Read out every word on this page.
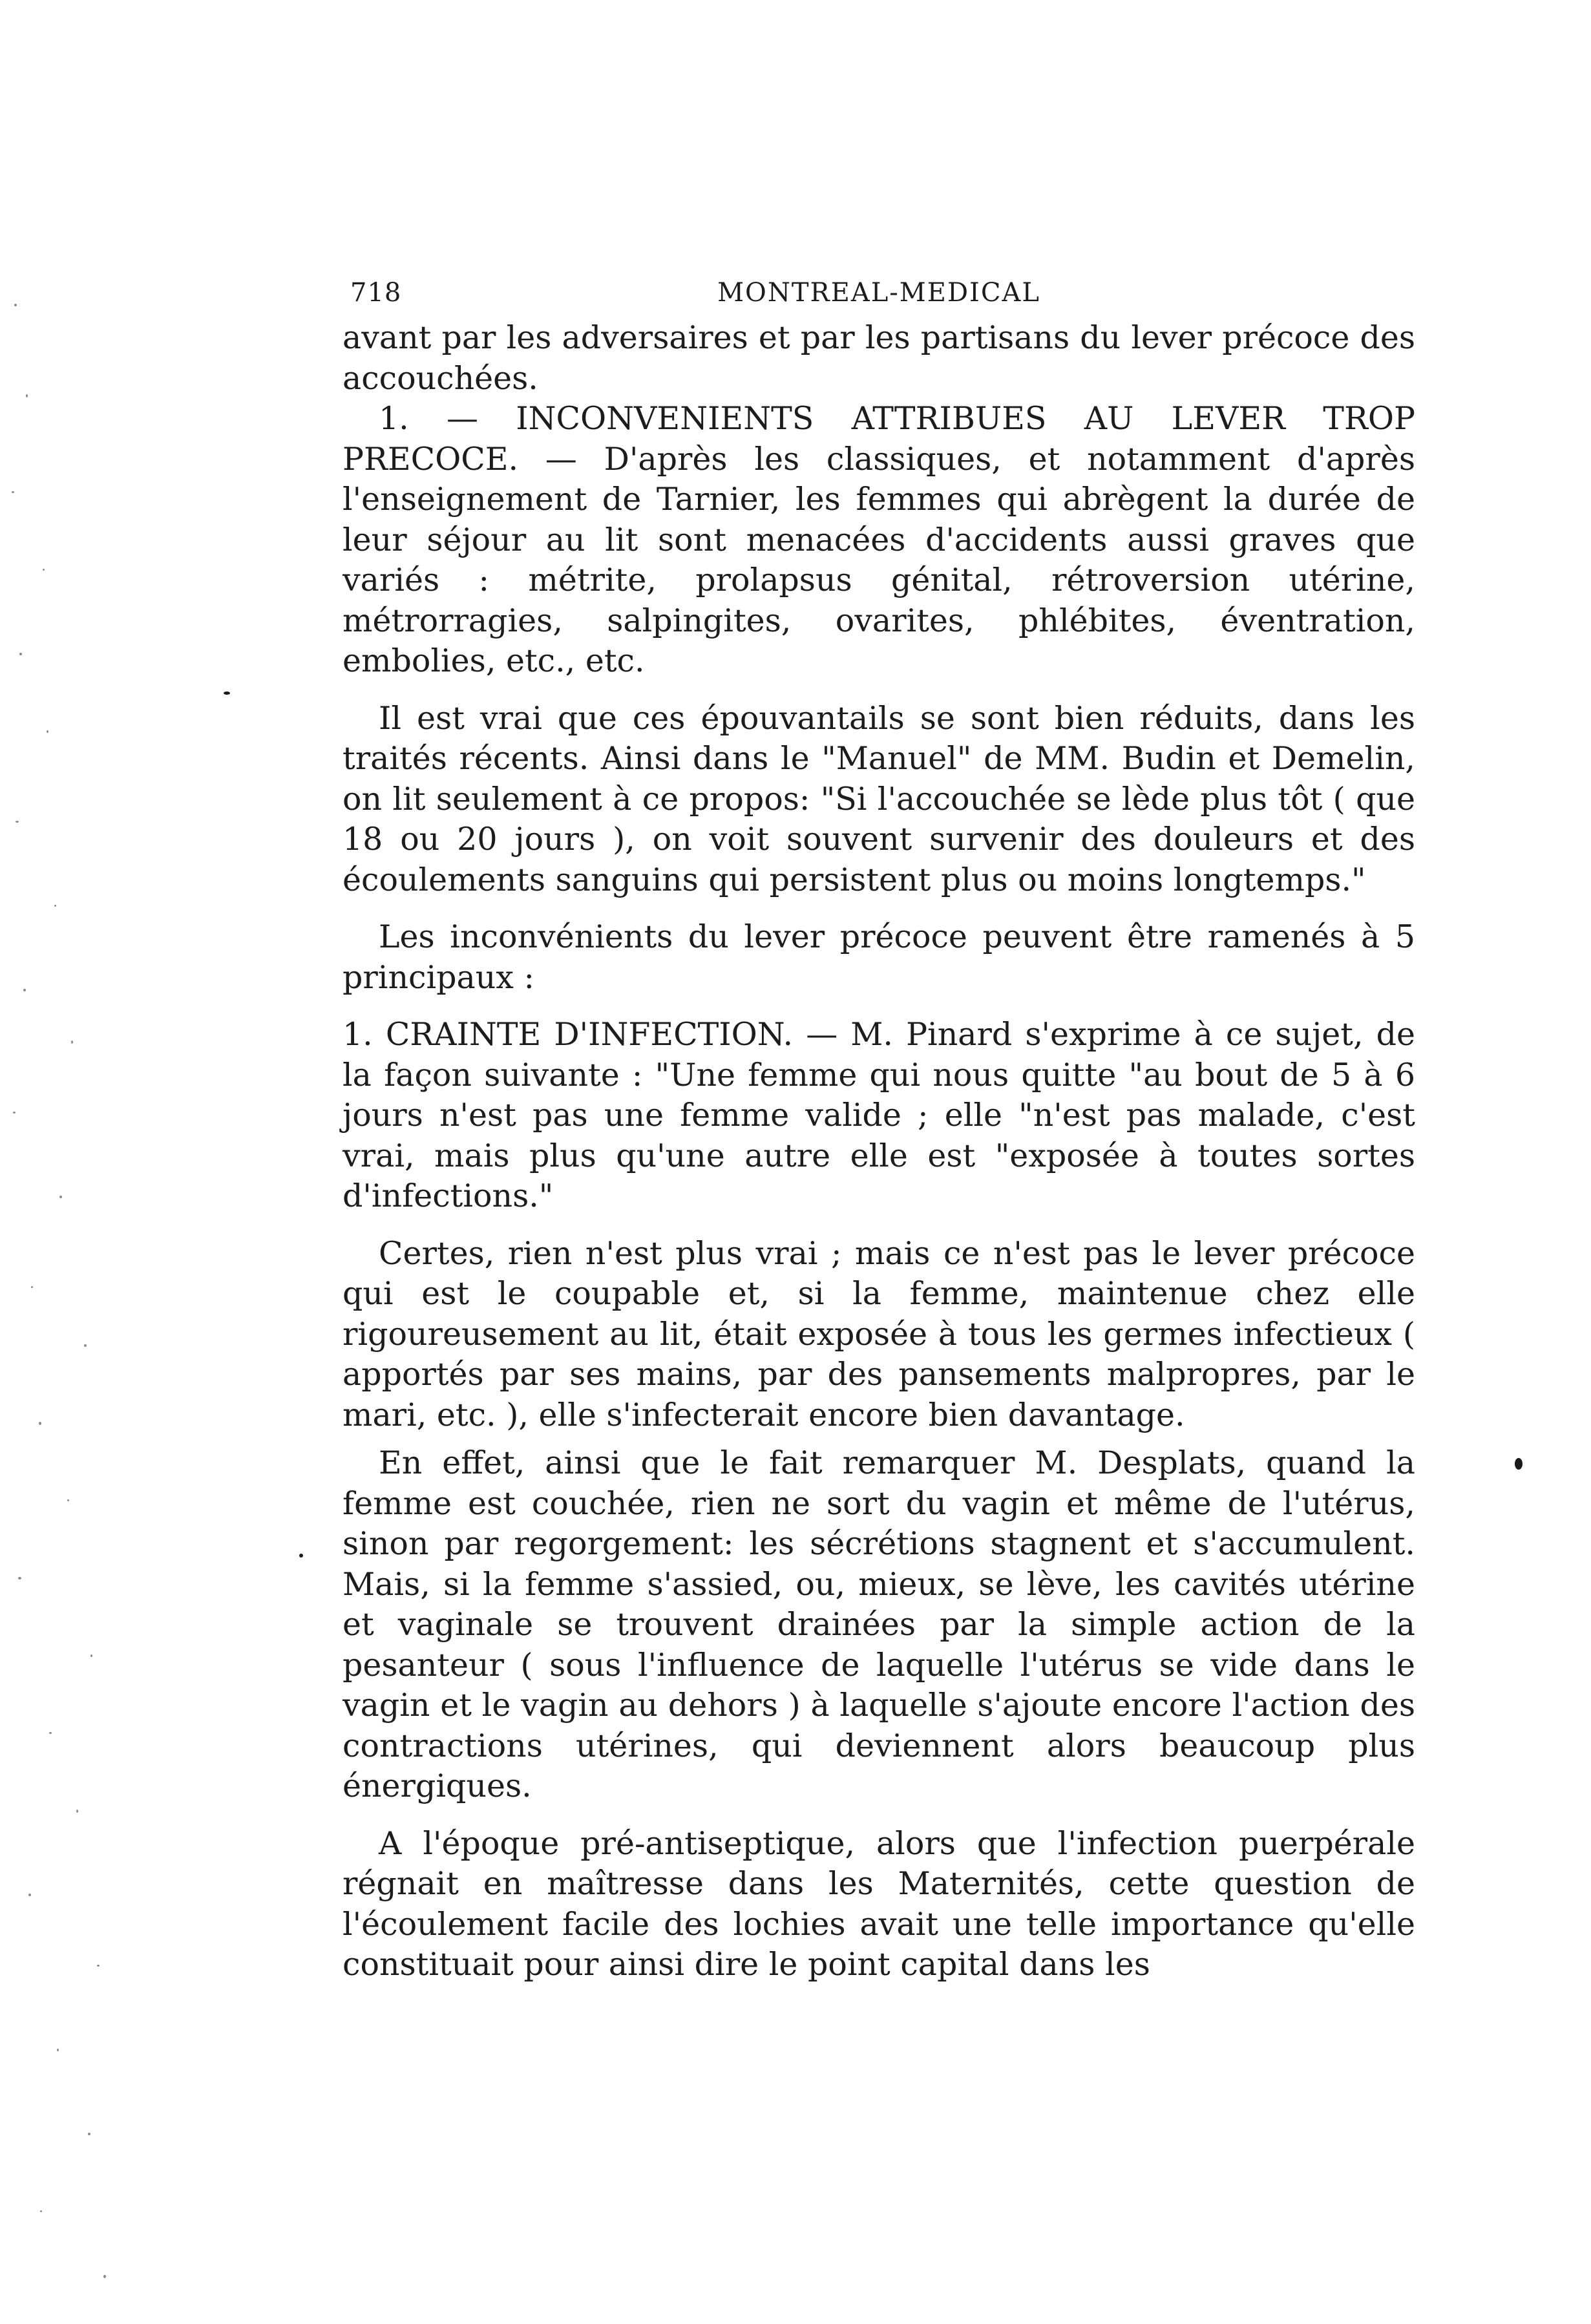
718	MONTREAL-MEDICAL

avant par les adversaires et par les partisans du lever précoce des accouchées.

1. — INCONVENIENTS ATTRIBUES AU LEVER TROP PRECOCE. — D'après les classiques, et notamment d'après l'enseignement de Tarnier, les femmes qui abrègent la durée de leur séjour au lit sont menacées d'accidents aussi graves que variés : métrite, prolapsus génital, rétroversion utérine, métrorragies, salpingites, ovarites, phlébites, éventration, embolies, etc., etc.

Il est vrai que ces épouvantails se sont bien réduits, dans les traités récents. Ainsi dans le "Manuel" de MM. Budin et Demelin, on lit seulement à ce propos: "Si l'accouchée se lède plus tôt ( que 18 ou 20 jours ), on voit souvent survenir des douleurs et des écoulements sanguins qui persistent plus ou moins longtemps."

Les inconvénients du lever précoce peuvent être ramenés à 5 principaux :

1. CRAINTE D'INFECTION. — M. Pinard s'exprime à ce sujet, de la façon suivante : "Une femme qui nous quitte "au bout de 5 à 6 jours n'est pas une femme valide ; elle "n'est pas malade, c'est vrai, mais plus qu'une autre elle est "exposée à toutes sortes d'infections."

Certes, rien n'est plus vrai ; mais ce n'est pas le lever précoce qui est le coupable et, si la femme, maintenue chez elle rigoureusement au lit, était exposée à tous les germes infectieux ( apportés par ses mains, par des pansements malpropres, par le mari, etc. ), elle s'infecterait encore bien davantage.

En effet, ainsi que le fait remarquer M. Desplats, quand la femme est couchée, rien ne sort du vagin et même de l'utérus, sinon par regorgement: les sécrétions stagnent et s'accumulent. Mais, si la femme s'assied, ou, mieux, se lève, les cavités utérine et vaginale se trouvent drainées par la simple action de la pesanteur ( sous l'influence de laquelle l'utérus se vide dans le vagin et le vagin au dehors ) à laquelle s'ajoute encore l'action des contractions utérines, qui deviennent alors beaucoup plus énergiques.

A l'époque pré-antiseptique, alors que l'infection puerpérale régnait en maîtresse dans les Maternités, cette question de l'écoulement facile des lochies avait une telle importance qu'elle constituait pour ainsi dire le point capital dans les
